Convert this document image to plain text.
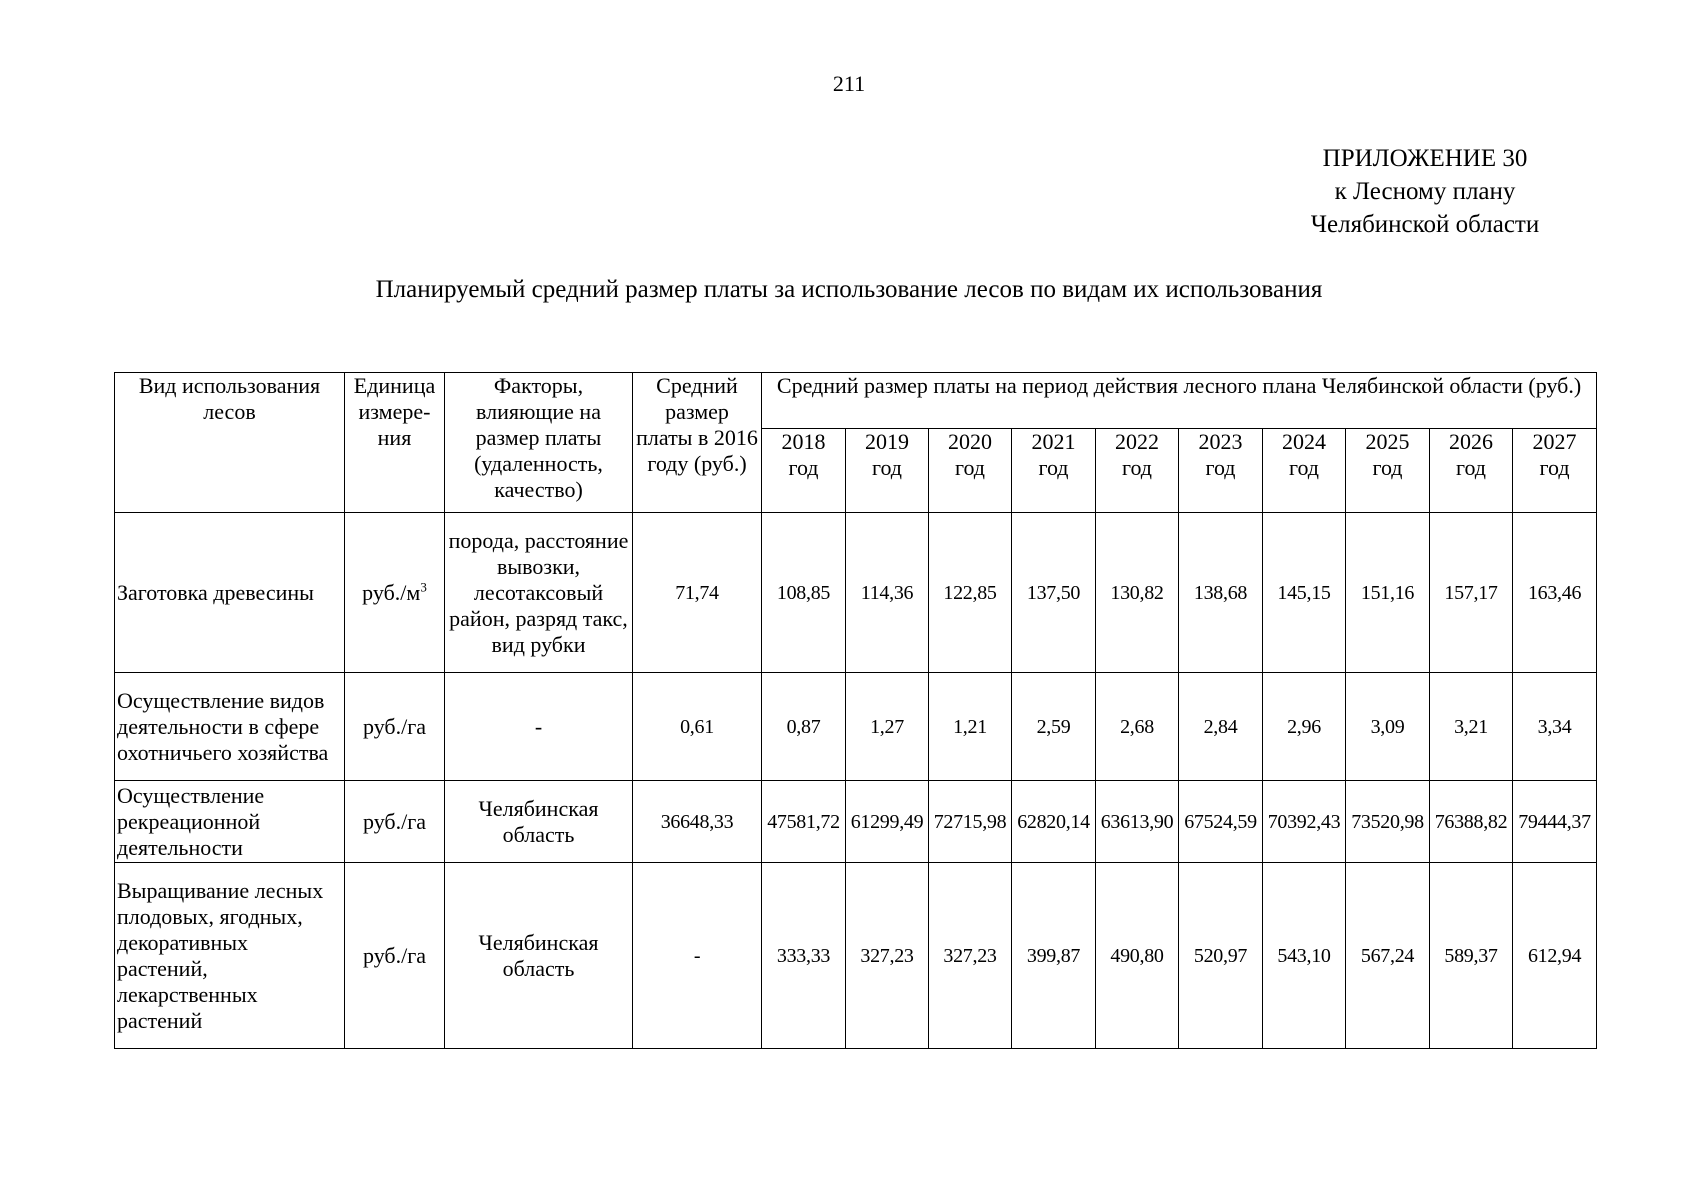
211
ПРИЛОЖЕНИЕ 30
к Лесному плану
Челябинской области
Планируемый средний размер платы за использование лесов по видам их использования
Вид использования лесов	Единица измере-ния	Факторы, влияющие на размер платы (удаленность, качество)	Средний размер платы в 2016 году (руб.)	Средний размер платы на период действия лесного плана Челябинской области (руб.)									
				2018 год	2019 год	2020 год	2021 год	2022 год	2023 год	2024 год	2025 год	2026 год	2027 год
Заготовка древесины	$руб./м^3$	порода, расстояние вывозки, лесотаксовый район, разряд такс, вид рубки	71,74	108,85	114,36	122,85	137,50	130,82	138,68	145,15	151,16	157,17	163,46
Осуществление видов деятельности в сфере охотничьего хозяйства	руб./га	-	0,61	0,87	1,27	1,21	2,59	2,68	2,84	2,96	3,09	3,21	3,34
Осуществление рекреационной деятельности	руб./га	Челябинская область	36648,33	47581,72	61299,49	72715,98	62820,14	63613,90	67524,59	70392,43	73520,98	76388,82	79444,37
Выращивание лесных плодовых, ягодных, декоративных растений, лекарственных растений	руб./га	Челябинская область	-	333,33	327,23	327,23	399,87	490,80	520,97	543,10	567,24	589,37	612,94
